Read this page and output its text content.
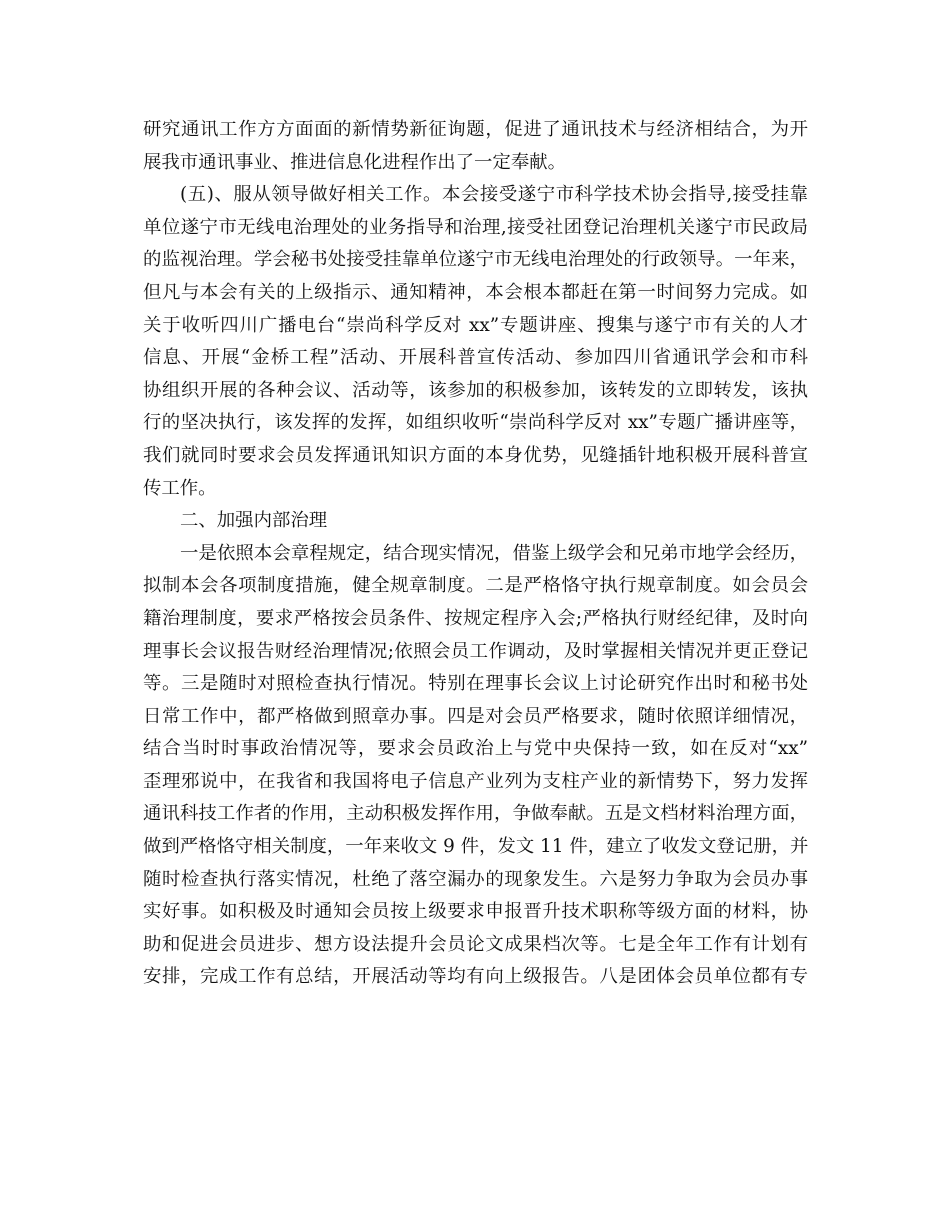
研究通讯工作方方面面的新情势新征询题，促进了通讯技术与经济相结合，为开
展我市通讯事业、推进信息化进程作出了一定奉献。
(五)、服从领导做好相关工作。本会接受遂宁市科学技术协会指导,接受挂靠
单位遂宁市无线电治理处的业务指导和治理,接受社团登记治理机关遂宁市民政局
的监视治理。学会秘书处接受挂靠单位遂宁市无线电治理处的行政领导。一年来，
但凡与本会有关的上级指示、通知精神，本会根本都赶在第一时间努力完成。如
关于收听四川广播电台“崇尚科学反对 xx”专题讲座、搜集与遂宁市有关的人才
信息、开展“金桥工程”活动、开展科普宣传活动、参加四川省通讯学会和市科
协组织开展的各种会议、活动等，该参加的积极参加，该转发的立即转发，该执
行的坚决执行，该发挥的发挥，如组织收听“崇尚科学反对 xx”专题广播讲座等，
我们就同时要求会员发挥通讯知识方面的本身优势，见缝插针地积极开展科普宣
传工作。
二、加强内部治理
一是依照本会章程规定，结合现实情况，借鉴上级学会和兄弟市地学会经历，
拟制本会各项制度措施，健全规章制度。二是严格恪守执行规章制度。如会员会
籍治理制度，要求严格按会员条件、按规定程序入会;严格执行财经纪律，及时向
理事长会议报告财经治理情况;依照会员工作调动，及时掌握相关情况并更正登记
等。三是随时对照检查执行情况。特别在理事长会议上讨论研究作出时和秘书处
日常工作中，都严格做到照章办事。四是对会员严格要求，随时依照详细情况，
结合当时时事政治情况等，要求会员政治上与党中央保持一致，如在反对“xx”
歪理邪说中，在我省和我国将电子信息产业列为支柱产业的新情势下，努力发挥
通讯科技工作者的作用，主动积极发挥作用，争做奉献。五是文档材料治理方面，
做到严格恪守相关制度，一年来收文 9 件，发文 11 件，建立了收发文登记册，并
随时检查执行落实情况，杜绝了落空漏办的现象发生。六是努力争取为会员办事
实好事。如积极及时通知会员按上级要求申报晋升技术职称等级方面的材料，协
助和促进会员进步、想方设法提升会员论文成果档次等。七是全年工作有计划有
安排，完成工作有总结，开展活动等均有向上级报告。八是团体会员单位都有专
